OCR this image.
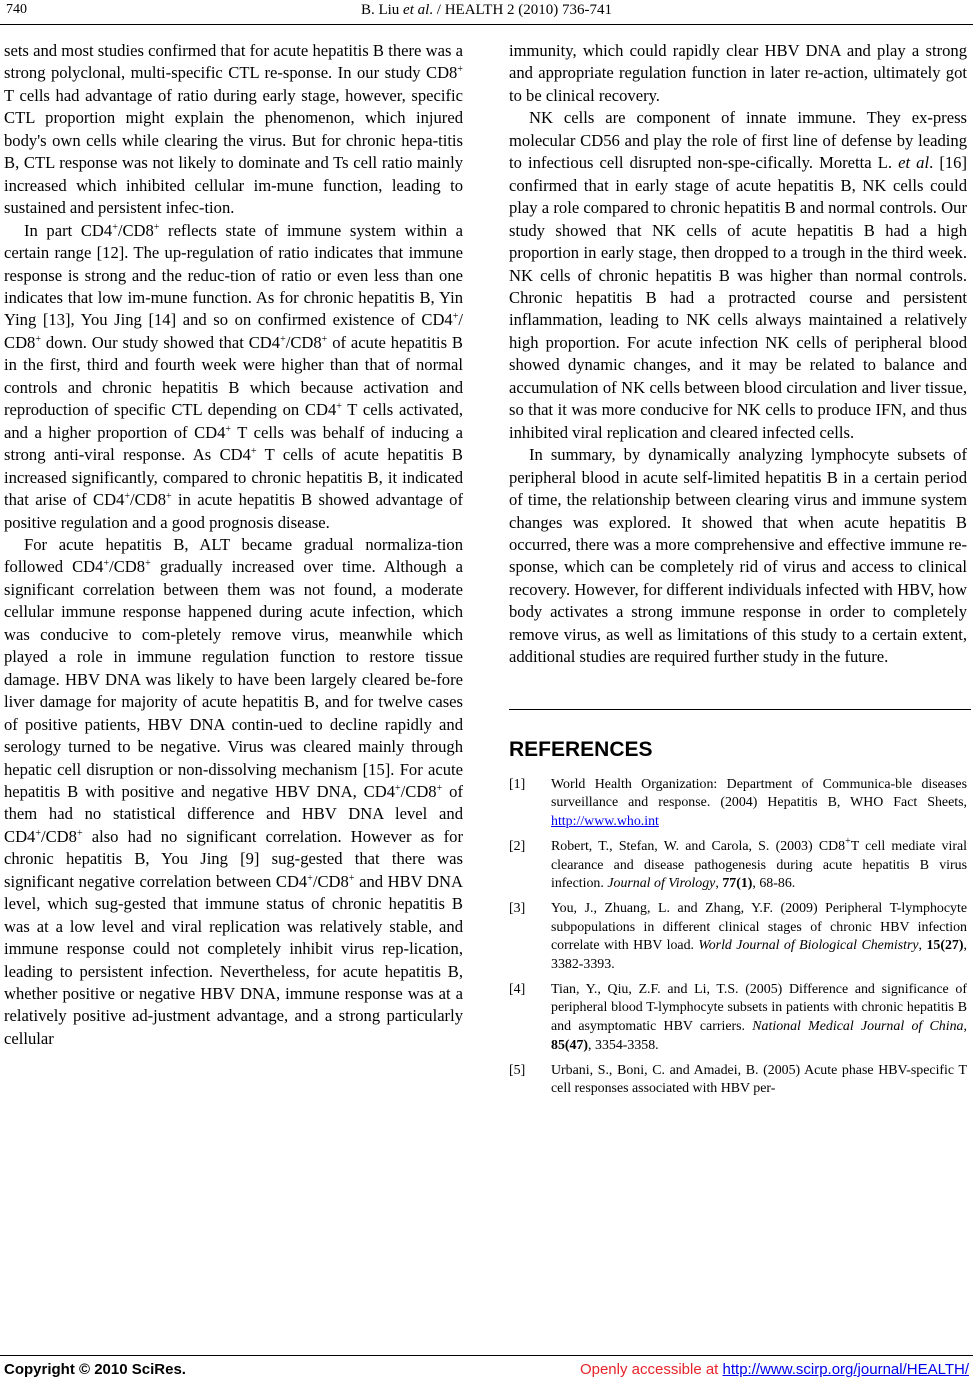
740	B. Liu et al. / HEALTH 2 (2010) 736-741

sets and most studies confirmed that for acute hepatitis B there was a strong polyclonal, multi-specific CTL re-sponse. In our study CD8+ T cells had advantage of ratio during early stage, however, specific CTL proportion might explain the phenomenon, which injured body's own cells while clearing the virus. But for chronic hepa-titis B, CTL response was not likely to dominate and Ts cell ratio mainly increased which inhibited cellular im-mune function, leading to sustained and persistent infec-tion.

In part CD4+/CD8+ reflects state of immune system within a certain range [12]. The up-regulation of ratio indicates that immune response is strong and the reduc-tion of ratio or even less than one indicates that low im-mune function. As for chronic hepatitis B, Yin Ying [13], You Jing [14] and so on confirmed existence of CD4+/ CD8+ down. Our study showed that CD4+/CD8+ of acute hepatitis B in the first, third and fourth week were higher than that of normal controls and chronic hepatitis B which because activation and reproduction of specific CTL depending on CD4+ T cells activated, and a higher proportion of CD4+ T cells was behalf of inducing a strong anti-viral response. As CD4+ T cells of acute hepatitis B increased significantly, compared to chronic hepatitis B, it indicated that arise of CD4+/CD8+ in acute hepatitis B showed advantage of positive regulation and a good prognosis disease.

For acute hepatitis B, ALT became gradual normaliza-tion followed CD4+/CD8+ gradually increased over time. Although a significant correlation between them was not found, a moderate cellular immune response happened during acute infection, which was conducive to com-pletely remove virus, meanwhile which played a role in immune regulation function to restore tissue damage. HBV DNA was likely to have been largely cleared be-fore liver damage for majority of acute hepatitis B, and for twelve cases of positive patients, HBV DNA contin-ued to decline rapidly and serology turned to be negative. Virus was cleared mainly through hepatic cell disruption or non-dissolving mechanism [15]. For acute hepatitis B with positive and negative HBV DNA, CD4+/CD8+ of them had no statistical difference and HBV DNA level and CD4+/CD8+ also had no significant correlation. However as for chronic hepatitis B, You Jing [9] sug-gested that there was significant negative correlation between CD4+/CD8+ and HBV DNA level, which sug-gested that immune status of chronic hepatitis B was at a low level and viral replication was relatively stable, and immune response could not completely inhibit virus rep-lication, leading to persistent infection. Nevertheless, for acute hepatitis B, whether positive or negative HBV DNA, immune response was at a relatively positive ad-justment advantage, and a strong particularly cellular

immunity, which could rapidly clear HBV DNA and play a strong and appropriate regulation function in later re-action, ultimately got to be clinical recovery.

NK cells are component of innate immune. They ex-press molecular CD56 and play the role of first line of defense by leading to infectious cell disrupted non-spe-cifically. Moretta L. et al. [16] confirmed that in early stage of acute hepatitis B, NK cells could play a role compared to chronic hepatitis B and normal controls. Our study showed that NK cells of acute hepatitis B had a high proportion in early stage, then dropped to a trough in the third week. NK cells of chronic hepatitis B was higher than normal controls. Chronic hepatitis B had a protracted course and persistent inflammation, leading to NK cells always maintained a relatively high proportion. For acute infection NK cells of peripheral blood showed dynamic changes, and it may be related to balance and accumulation of NK cells between blood circulation and liver tissue, so that it was more conducive for NK cells to produce IFN, and thus inhibited viral replication and cleared infected cells.

In summary, by dynamically analyzing lymphocyte subsets of peripheral blood in acute self-limited hepatitis B in a certain period of time, the relationship between clearing virus and immune system changes was explored. It showed that when acute hepatitis B occurred, there was a more comprehensive and effective immune re-sponse, which can be completely rid of virus and access to clinical recovery. However, for different individuals infected with HBV, how body activates a strong immune response in order to completely remove virus, as well as limitations of this study to a certain extent, additional studies are required further study in the future.

REFERENCES
[1] World Health Organization: Department of Communica-ble diseases surveillance and response. (2004) Hepatitis B, WHO Fact Sheets, http://www.who.int
[2] Robert, T., Stefan, W. and Carola, S. (2003) CD8+T cell mediate viral clearance and disease pathogenesis during acute hepatitis B virus infection. Journal of Virology, 77(1), 68-86.
[3] You, J., Zhuang, L. and Zhang, Y.F. (2009) Peripheral T-lymphocyte subpopulations in different clinical stages of chronic HBV infection correlate with HBV load. World Journal of Biological Chemistry, 15(27), 3382-3393.
[4] Tian, Y., Qiu, Z.F. and Li, T.S. (2005) Difference and significance of peripheral blood T-lymphocyte subsets in patients with chronic hepatitis B and asymptomatic HBV carriers. National Medical Journal of China, 85(47), 3354-3358.
[5] Urbani, S., Boni, C. and Amadei, B. (2005) Acute phase HBV-specific T cell responses associated with HBV per-
Copyright © 2010 SciRes.	Openly accessible at http://www.scirp.org/journal/HEALTH/
